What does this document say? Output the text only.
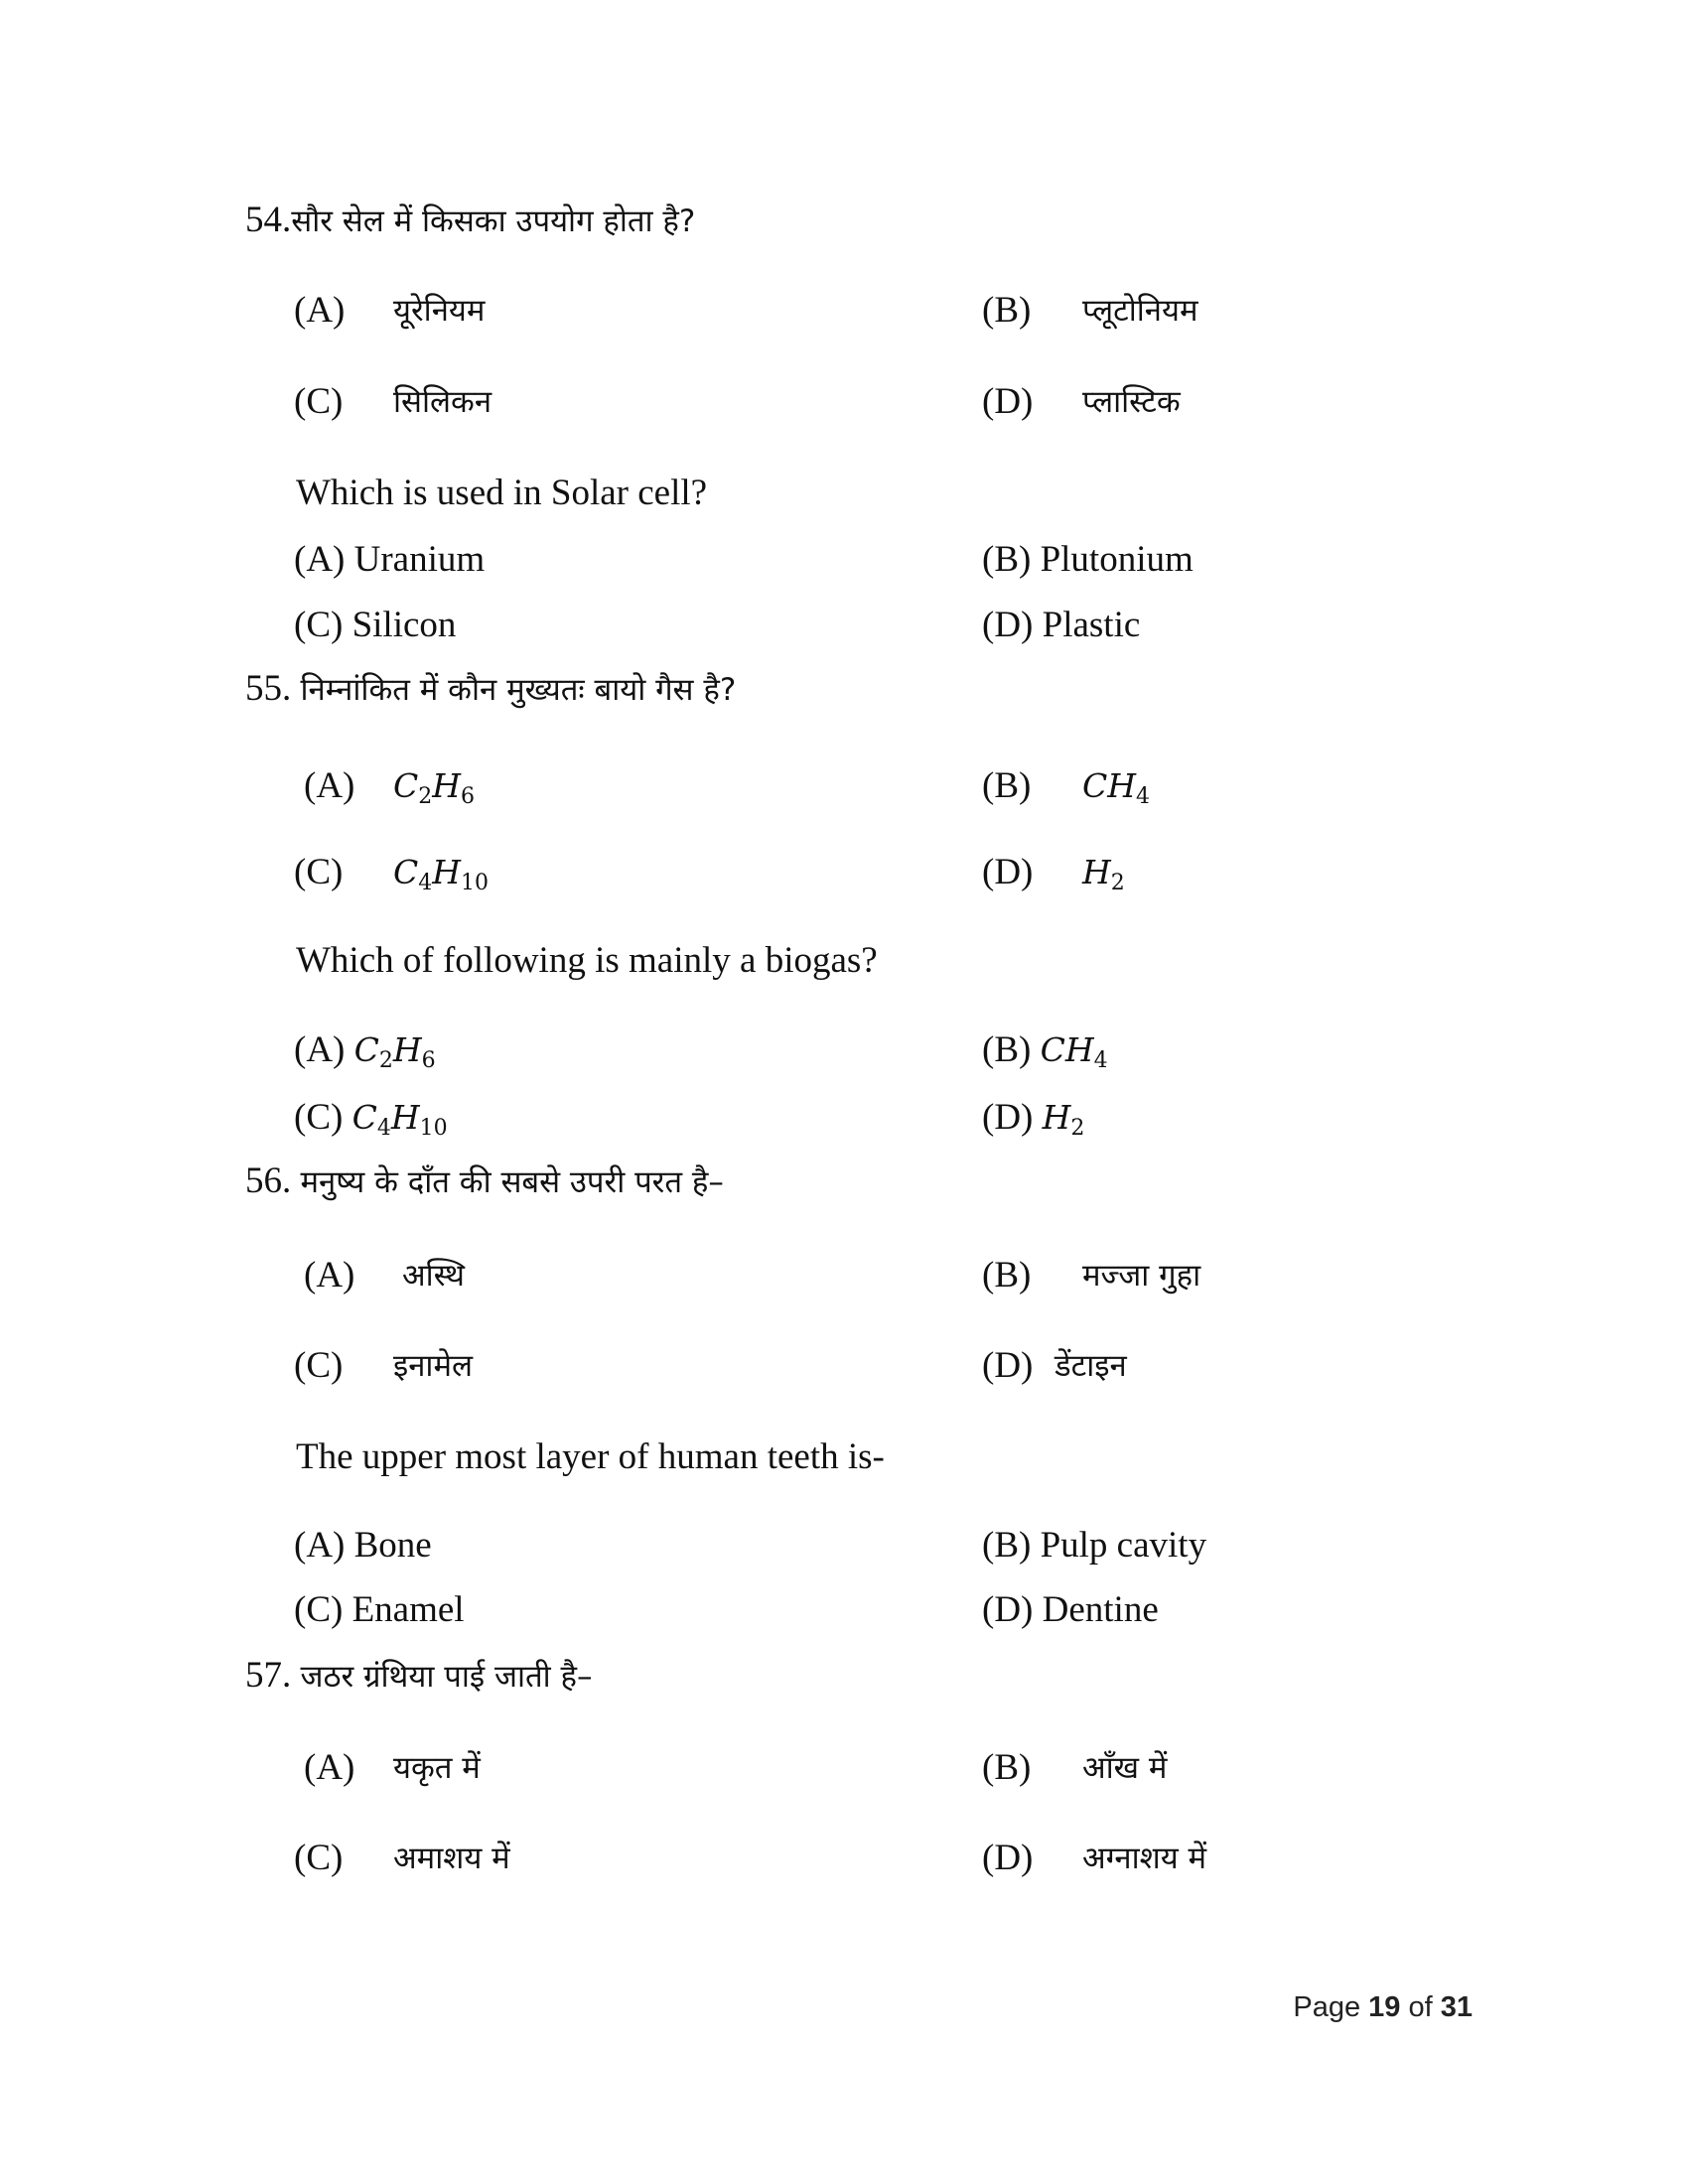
54.सौर सेल में किसका उपयोग होता है?
(A) यूरेनियम	(B) प्लूटोनियम
(C) सिलिकन	(D) प्लास्टिक
Which is used in Solar cell?
(A) Uranium	(B) Plutonium
(C) Silicon	(D) Plastic
55. निम्नांकित में कौन मुख्यतः बायो गैस है?
(A) $C_2H_6$	(B) $CH_4$
(C) $C_4H_{10}$	(D) $H_2$
Which of following is mainly a biogas?
(A) $C_2H_6$	(B) $CH_4$
(C) $C_4H_{10}$	(D) $H_2$
56. मनुष्य के दाँत की सबसे उपरी परत है–
(A) अस्थि	(B) मज्जा गुहा
(C) इनामेल	(D) डेंटाइन
The upper most layer of human teeth is-
(A) Bone	(B) Pulp cavity
(C) Enamel	(D) Dentine
57. जठर ग्रंथिया पाई जाती है–
(A) यकृत में	(B) आँख में
(C) अमाशय में	(D) अग्नाशय में
Page 19 of 31
